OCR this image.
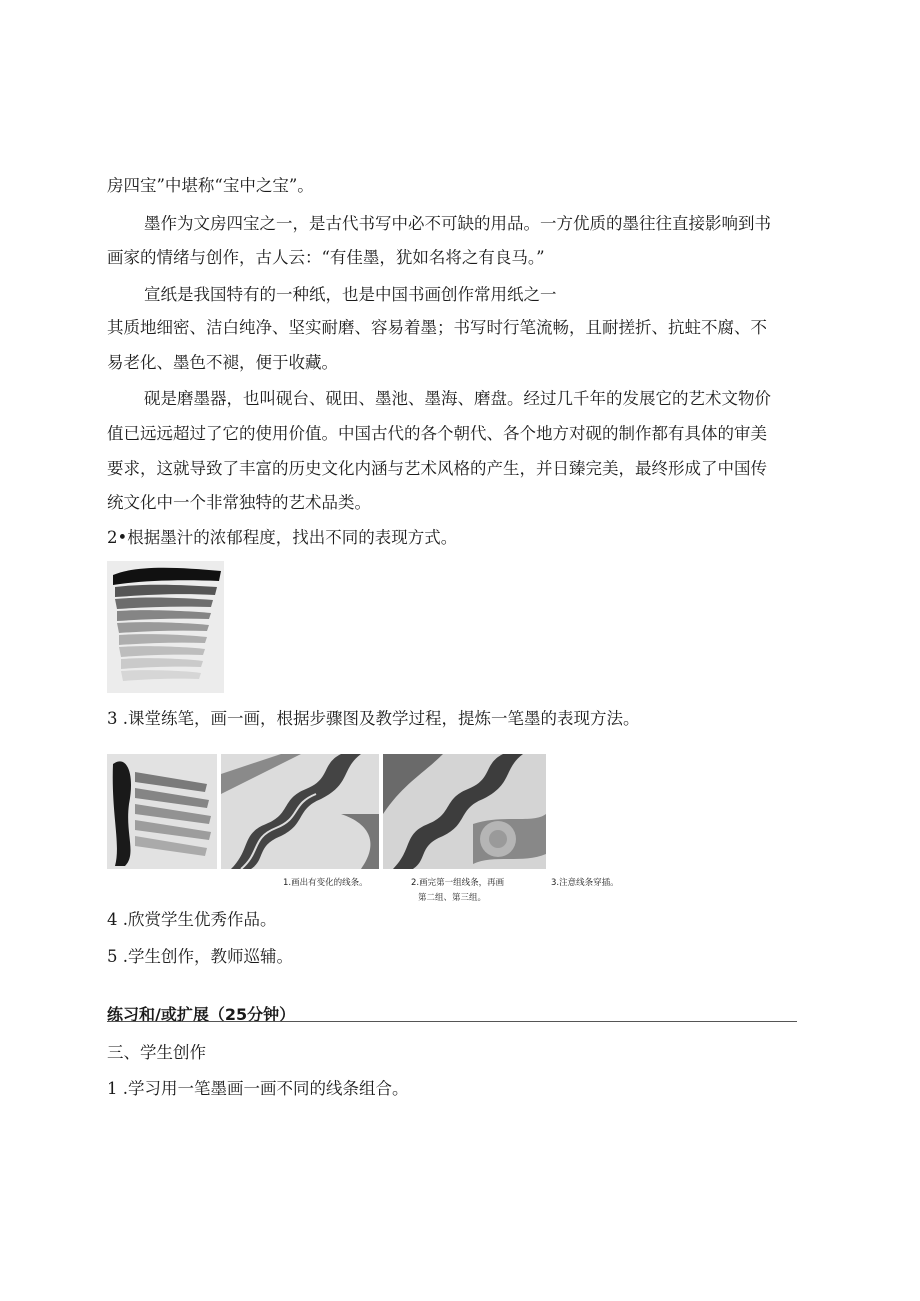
房四宝”中堪称“宝中之宝”。
墨作为文房四宝之一，是古代书写中必不可缺的用品。一方优质的墨往往直接影响到书
画家的情绪与创作，古人云：“有佳墨，犹如名将之有良马。”
宣纸是我国特有的一种纸，也是中国书画创作常用纸之一
其质地细密、洁白纯净、坚实耐磨、容易着墨；书写时行笔流畅，且耐搓折、抗蛀不腐、不
易老化、墨色不褪，便于收藏。
砚是磨墨器，也叫砚台、砚田、墨池、墨海、磨盘。经过几千年的发展它的艺术文物价
值已远远超过了它的使用价值。中国古代的各个朝代、各个地方对砚的制作都有具体的审美
要求，这就导致了丰富的历史文化内涵与艺术风格的产生，并日臻完美，最终形成了中国传
统文化中一个非常独特的艺术品类。
2•根据墨汁的浓郁程度，找出不同的表现方式。
3 .课堂练笔，画一画，根据步骤图及教学过程，提炼一笔墨的表现方法。
1.画出有变化的线条。	2.画完第一组线条，再画
第二组、第三组。
3.注意线条穿插。
4 .欣赏学生优秀作品。
5 .学生创作，教师巡辅。
练习和/或扩展（25分钟）
三、学生创作
1 .学习用一笔墨画一画不同的线条组合。
